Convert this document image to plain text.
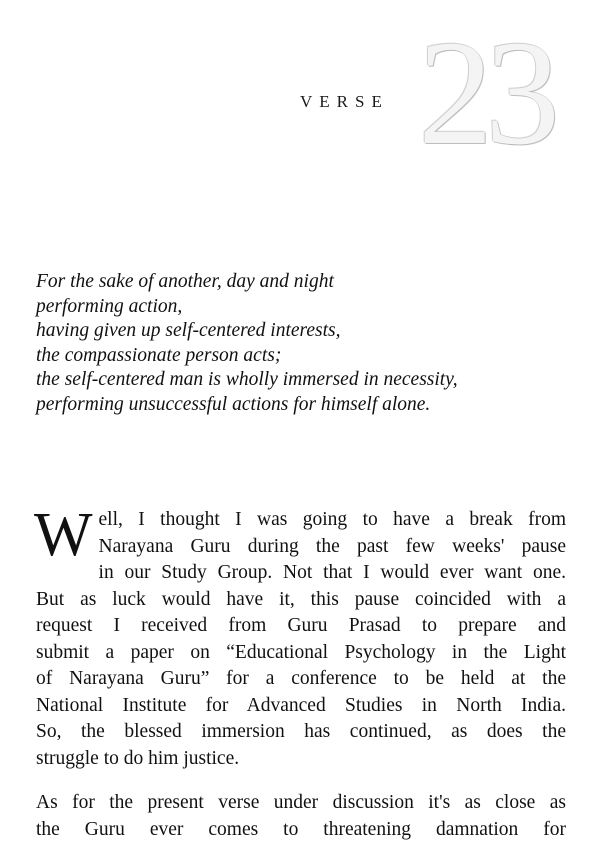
VERSE 23
For the sake of another, day and night
performing action,
having given up self-centered interests,
the compassionate person acts;
the self-centered man is wholly immersed in necessity,
performing unsuccessful actions for himself alone.
W ell, I thought I was going to have a break from
Narayana Guru during the past few weeks' pause
in our Study Group. Not that I would ever want one.
But as luck would have it, this pause coincided with a
request I received from Guru Prasad to prepare and
submit a paper on “Educational Psychology in the Light
of Narayana Guru” for a conference to be held at the
National Institute for Advanced Studies in North India.
So, the blessed immersion has continued, as does the
struggle to do him justice.
As for the present verse under discussion it's as close as
the Guru ever comes to threatening damnation for
